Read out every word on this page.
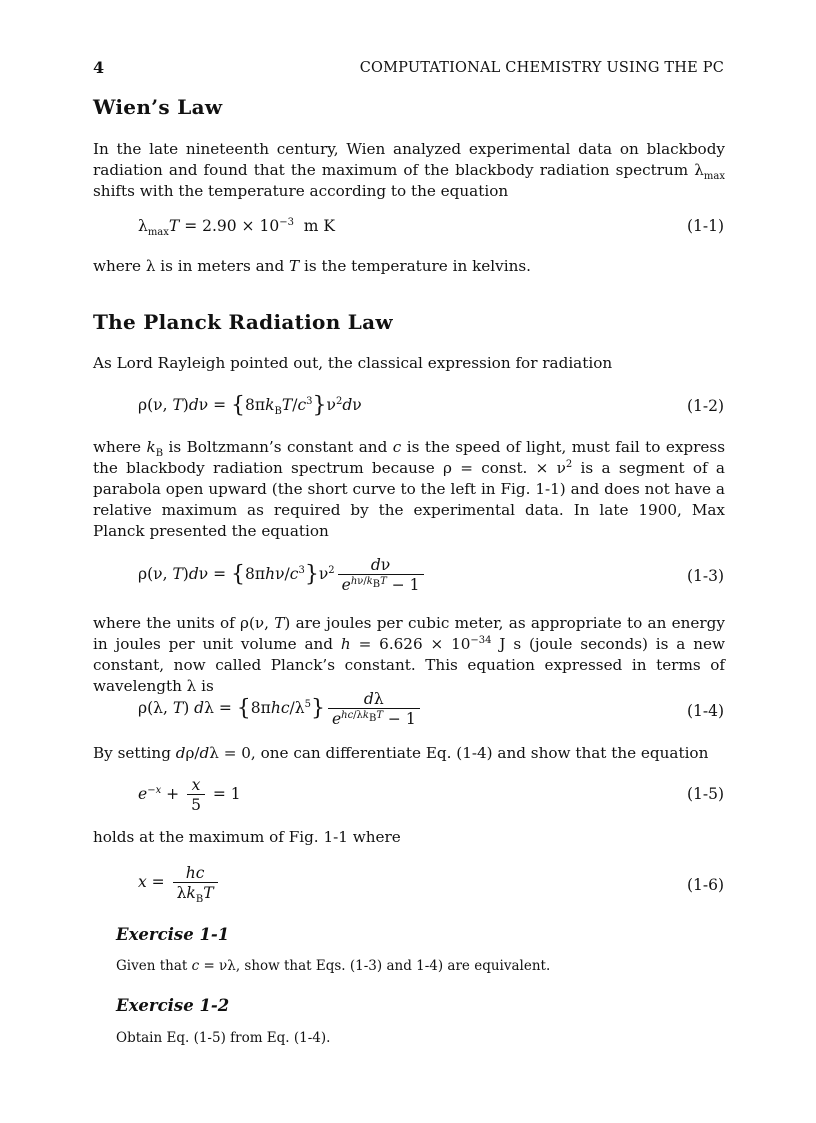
4	COMPUTATIONAL CHEMISTRY USING THE PC
Wien’s Law
In the late nineteenth century, Wien analyzed experimental data on blackbody radiation and found that the maximum of the blackbody radiation spectrum $\lambda_{max}$ shifts with the temperature according to the equation
$\lambda_{max}T = 2.90 \times 10^{-3}$  m K	(1-1)
where λ is in meters and T is the temperature in kelvins.
The Planck Radiation Law
As Lord Rayleigh pointed out, the classical expression for radiation
ρ(ν, $T)d\nu = \{8\pi k_BT/c^3\}\nu^2d\nu$	(1-2)
where $k_B$ is Boltzmann’s constant and c is the speed of light, must fail to express the blackbody radiation spectrum because ρ = const. × $\nu^2$ is a segment of a parabola open upward (the short curve to the left in Fig. 1-1) and does not have a relative maximum as required by the experimental data. In late 1900, Max Planck presented the equation
ρ(ν, $T)d\nu = \{8\pi h\nu/c^3\}\nu^2 \frac{d\nu}{e^{h\nu/k_BT} - 1}$	(1-3)
where the units of ρ(ν, T) are joules per cubic meter, as appropriate to an energy in joules per unit volume and $h = 6.626 \times 10^{-34}$ J s (joule seconds) is a new constant, now called Planck’s constant. This equation expressed in terms of wavelength λ is
ρ(λ, T) $d\lambda = \{8\pi hc/\lambda^5\} \frac{d\lambda}{e^{hc/\lambda k_BT} - 1}$	(1-4)
By setting dρ/dλ = 0, one can differentiate Eq. (1-4) and show that the equation
$e^{-x} + \frac{x}{5} = 1$	(1-5)
holds at the maximum of Fig. 1-1 where
$x = \frac{hc}{\lambda k_BT}$	(1-6)
Exercise 1-1
Given that c = νλ, show that Eqs. (1-3) and 1-4) are equivalent.
Exercise 1-2
Obtain Eq. (1-5) from Eq. (1-4).
